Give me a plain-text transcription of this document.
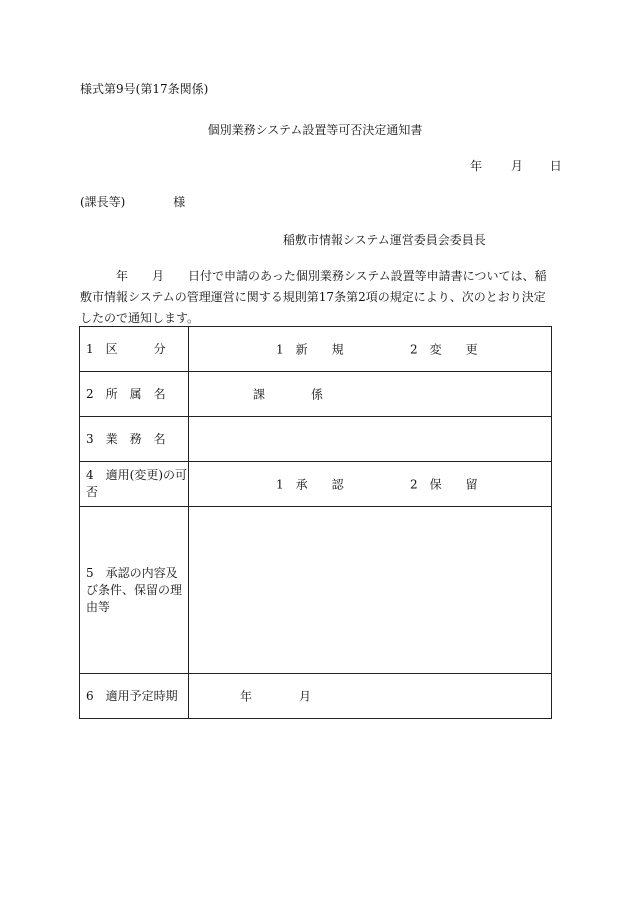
様式第9号(第17条関係)
個別業務システム設置等可否決定通知書
年 月 日
(課長等)	様
稲敷市情報システム運営委員会委員長
年　　月　　日付で申請のあった個別業務システム設置等申請書については、稲敷市情報システムの管理運営に関する規則第17条第2項の規定により、次のとおり決定したので通知します。
1　区　　　分	1　新　　規 2　変　　更

2　所　属　名	課 係

3　業　務　名	
4　適用(変更)の可否	1　承　　認 2　保　　留

5　承認の内容及び条件、保留の理由等	
6　適用予定時期	年 月
